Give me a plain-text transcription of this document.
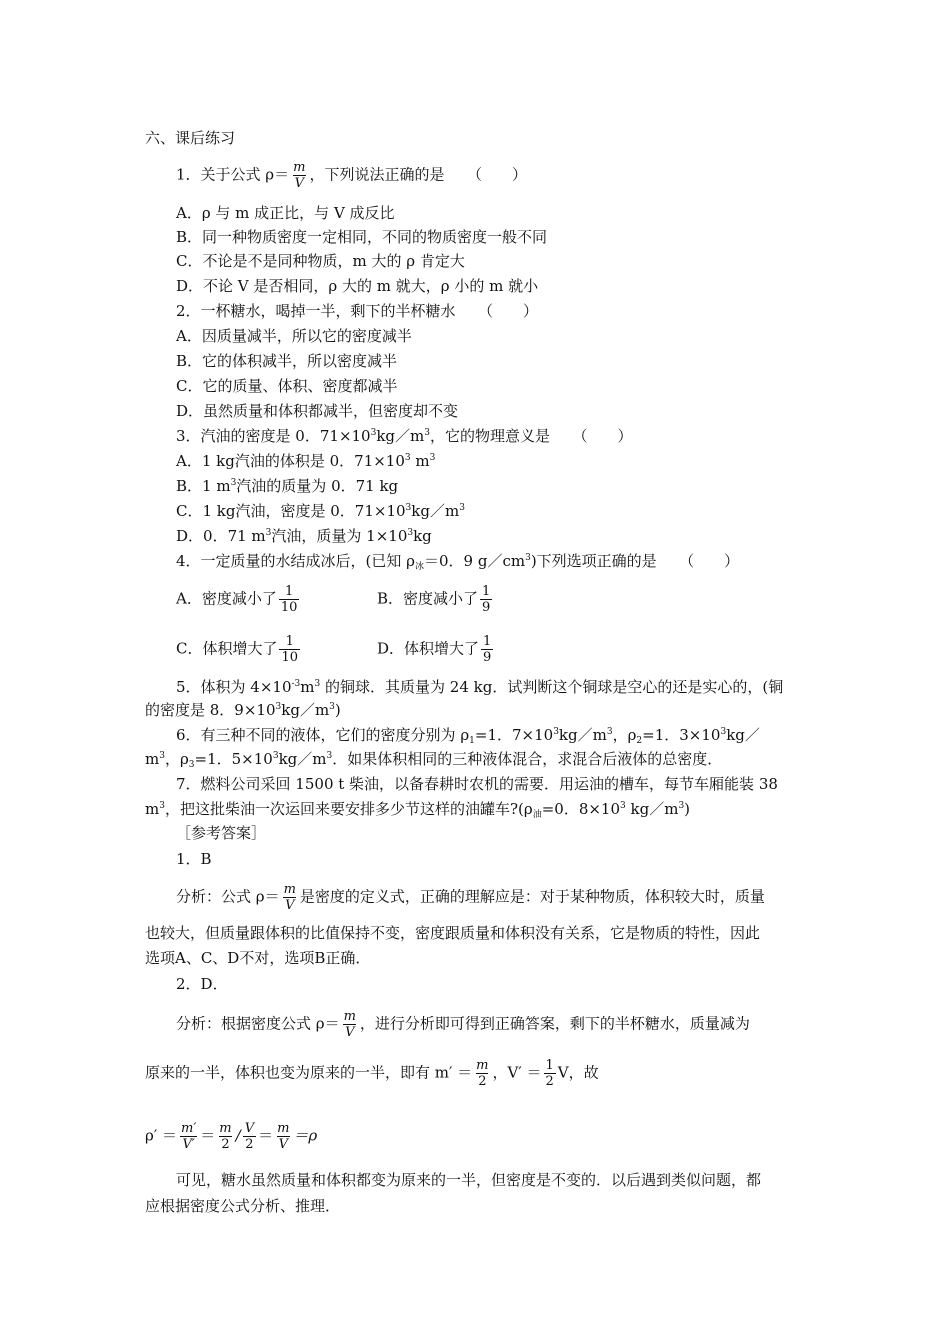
六、课后练习
1．关于公式 $\rho= \frac{m}{V}$ ，下列说法正确的是　　（　　）
A．ρ 与 m 成正比，与 V 成反比
B．同一种物质密度一定相同，不同的物质密度一般不同
C．不论是不是同种物质，m 大的 ρ 肯定大
D．不论 V 是否相同，ρ 大的 m 就大，ρ 小的 m 就小
2．一杯糖水，喝掉一半，剩下的半杯糖水　　（　　）
A．因质量减半，所以它的密度减半
B．它的体积减半，所以密度减半
C．它的质量、体积、密度都减半
D．虽然质量和体积都减半，但密度却不变
3．汽油的密度是 0．$71\times 10^3kg/m^3$，它的物理意义是　　（　　）
A．1 kg汽油的体积是 0．$71\times 10^3$ $m^3$
B．1 $m^3$汽油的质量为 0．71 kg
C．1 kg汽油，密度是 0．$71\times 10^3kg/m^3$
D．0．71 $m^3$汽油，质量为 $1\times 10^3kg$
4．一定质量的水结成冰后，(已知 $\rho_冰=0$．9 $g/cm^3$)下列选项正确的是　　（　　）
A．密度减小了 $\frac{1}{10}$	B．密度减小了 $\frac{1}{9}$
C．体积增大了 $\frac{1}{10}$	D．体积增大了 $\frac{1}{9}$
5．体积为 $4\times 10^{-3}m^3$ 的铜球．其质量为 24 kg．试判断这个铜球是空心的还是实心的，(铜
的密度是 8．$9\times 10^3kg/m^3$)
6．有三种不同的液体，它们的密度分别为 $\rho_1=1$．$7\times 10^3kg/m^3$，$\rho_2=1$．$3\times 10^3kg/$
$m^3$，$\rho_3=1$．$5\times 10^3kg/m^3$．如果体积相同的三种液体混合，求混合后液体的总密度．
7．燃料公司采回 1500 t 柴油，以备春耕时农机的需要．用运油的槽车，每节车厢能装 38
$m^3$，把这批柴油一次运回来要安排多少节这样的油罐车$?(\rho_油=0$．$8\times 10^3$ $kg/m^3$)
［参考答案］
1．B
分析：公式 $\rho= \frac{m}{V}$ 是密度的定义式，正确的理解应是：对于某种物质，体积较大时，质量
也较大，但质量跟体积的比值保持不变，密度跟质量和体积没有关系，它是物质的特性，因此
选项A、C、D不对，选项B正确．
2．D．
分析：根据密度公式 $\rho= \frac{m}{V}$ ，进行分析即可得到正确答案，剩下的半杯糖水，质量减为
原来的一半，体积也变为原来的一半，即有 $m' = \frac{m}{2}$ ，$V' = \frac{1}{2}$ V，故
$\rho' = \frac{m'}{V'} = \frac{m}{2} / \frac{V}{2} = \frac{m}{V} =\rho$
可见，糖水虽然质量和体积都变为原来的一半，但密度是不变的．以后遇到类似问题，都
应根据密度公式分析、推理．
